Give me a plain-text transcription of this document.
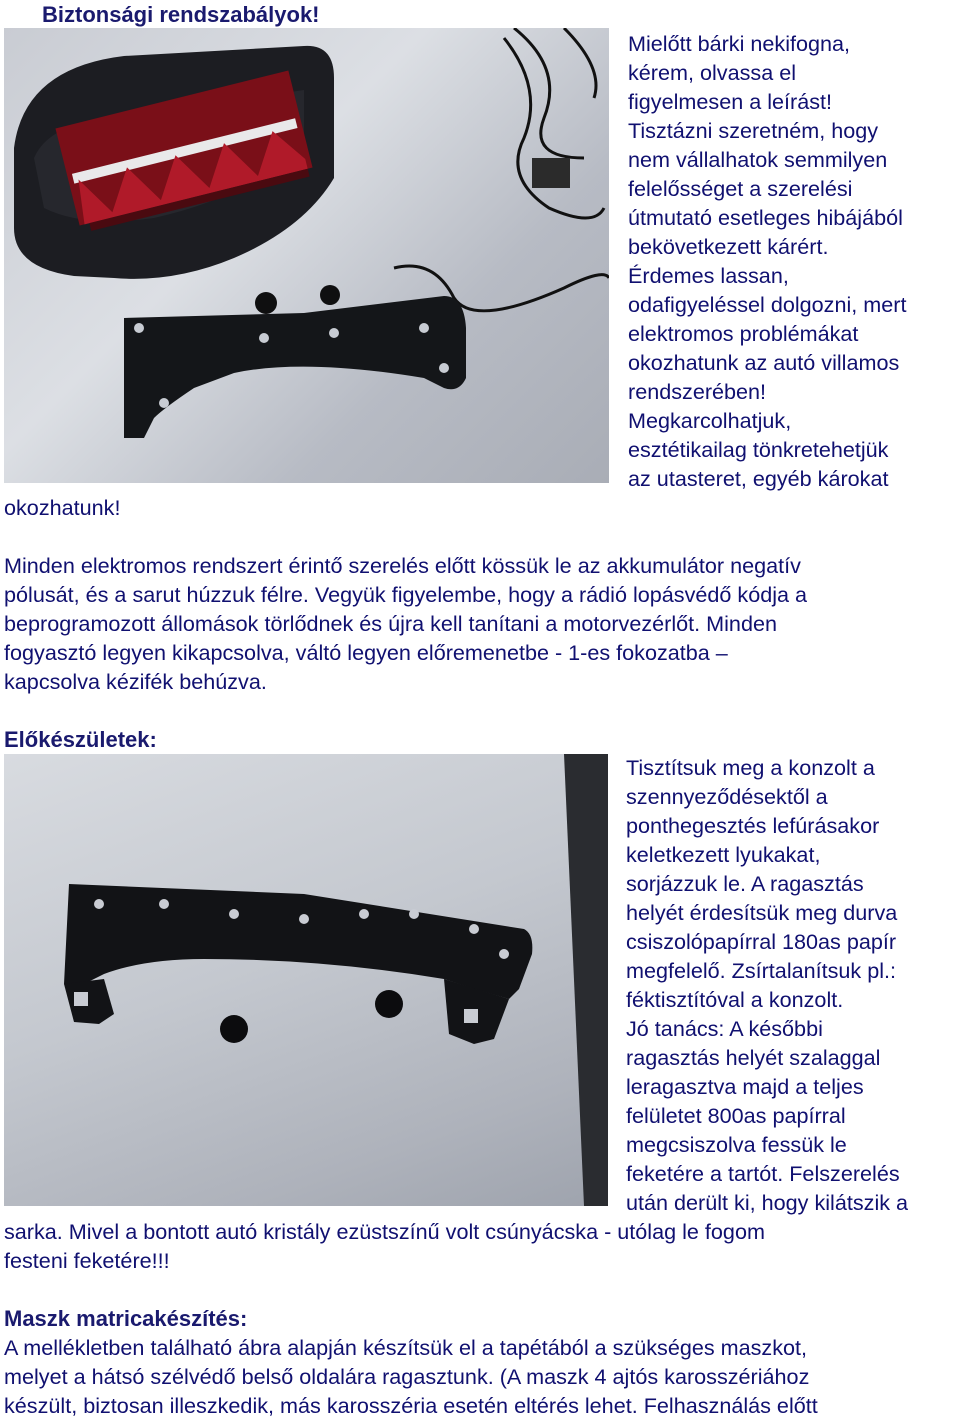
Biztonsági rendszabályok!
Mielőtt bárki nekifogna,
kérem, olvassa el
figyelmesen a leírást!
Tisztázni szeretném, hogy
nem vállalhatok semmilyen
felelősséget a szerelési
útmutató esetleges hibájából
bekövetkezett kárért.
Érdemes lassan,
odafigyeléssel dolgozni, mert
elektromos problémákat
okozhatunk az autó villamos
rendszerében!
Megkarcolhatjuk,
esztétikailag tönkretehetjük
az utasteret, egyéb károkat
okozhatunk!
Minden elektromos rendszert érintő szerelés előtt kössük le az akkumulátor negatív
pólusát, és a sarut húzzuk félre. Vegyük figyelembe, hogy a rádió lopásvédő kódja a
beprogramozott állomások törlődnek és újra kell tanítani a motorvezérlőt. Minden
fogyasztó legyen kikapcsolva, váltó legyen előremenetbe - 1-es fokozatba –
kapcsolva kézifék behúzva.
Előkészületek:
Tisztítsuk meg a konzolt a
szennyeződésektől a
ponthegesztés lefúrásakor
keletkezett lyukakat,
sorjázzuk le. A ragasztás
helyét érdesítsük meg durva
csiszolópapírral 180as papír
megfelelő. Zsírtalanítsuk pl.:
féktisztítóval a konzolt.
Jó tanács: A későbbi
ragasztás helyét szalaggal
leragasztva majd a teljes
felületet 800as papírral
megcsiszolva fessük le
feketére a tartót. Felszerelés
után derült ki, hogy kilátszik a
sarka. Mivel a bontott autó kristály ezüstszínű volt csúnyácska - utólag le fogom
festeni feketére!!!
Maszk matricakészítés:
A mellékletben található ábra alapján készítsük el a tapétából a szükséges maszkot,
melyet a hátsó szélvédő belső oldalára ragasztunk. (A maszk 4 ajtós karosszériához
készült, biztosan illeszkedik, más karosszéria esetén eltérés lehet. Felhasználás előtt
